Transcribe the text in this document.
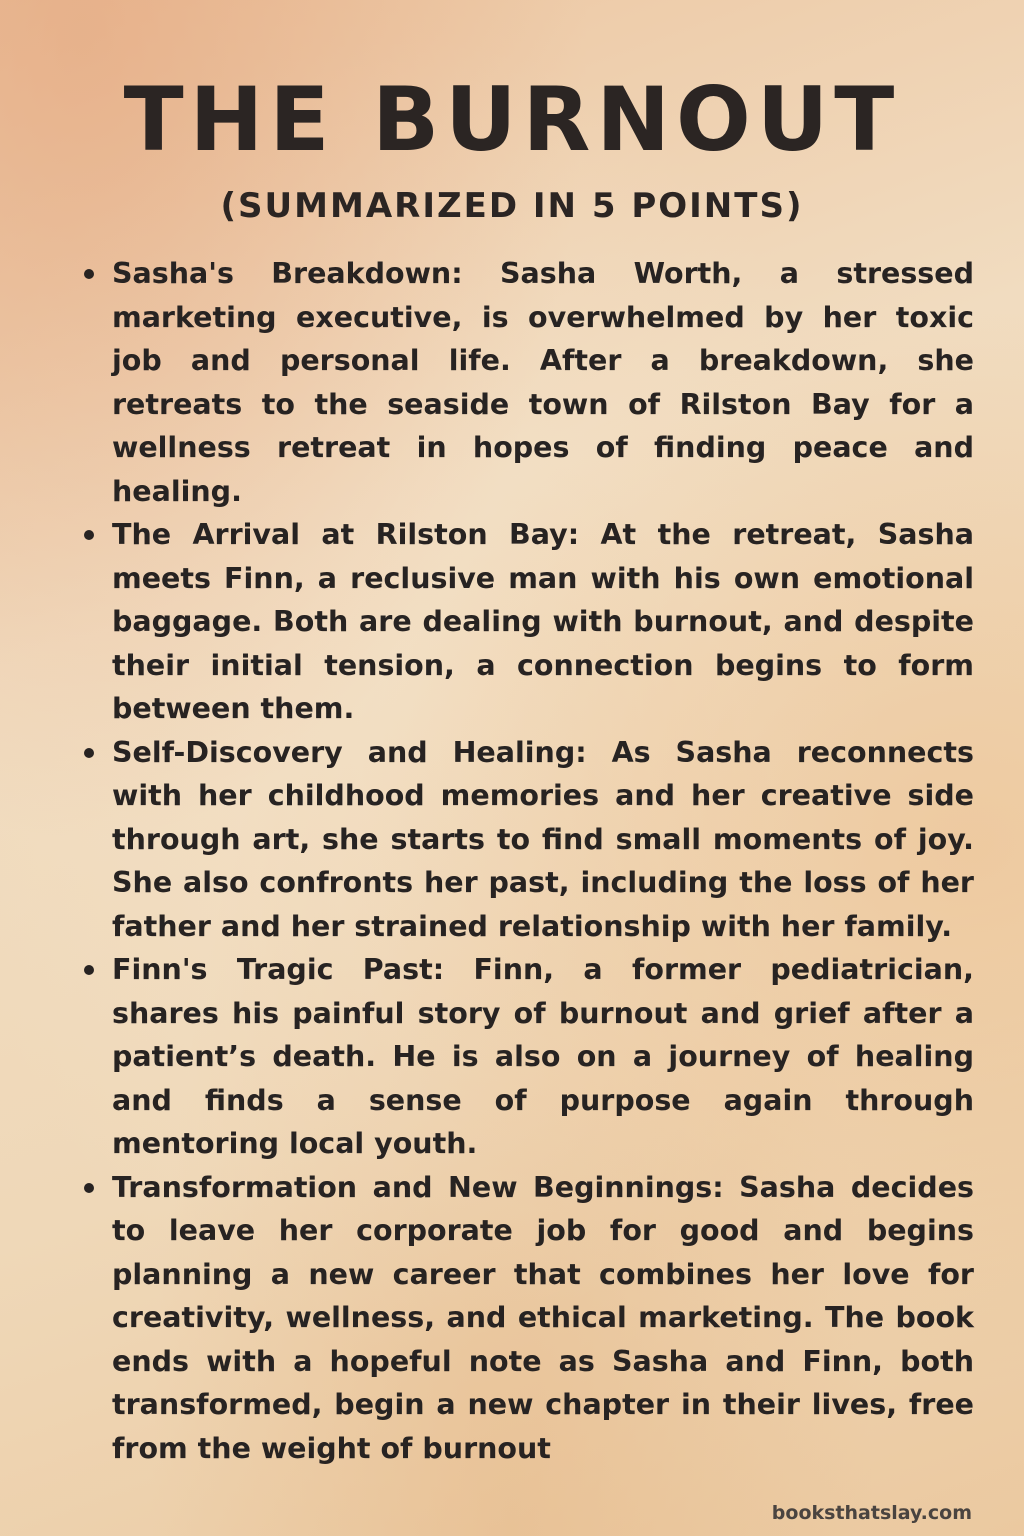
THE BURNOUT
(SUMMARIZED IN 5 POINTS)
Sasha's Breakdown: Sasha Worth, a stressed marketing executive, is overwhelmed by her toxic job and personal life. After a breakdown, she retreats to the seaside town of Rilston Bay for a wellness retreat in hopes of finding peace and healing.
The Arrival at Rilston Bay: At the retreat, Sasha meets Finn, a reclusive man with his own emotional baggage. Both are dealing with burnout, and despite their initial tension, a connection begins to form between them.
Self-Discovery and Healing: As Sasha reconnects with her childhood memories and her creative side through art, she starts to find small moments of joy. She also confronts her past, including the loss of her father and her strained relationship with her family.
Finn's Tragic Past: Finn, a former pediatrician, shares his painful story of burnout and grief after a patient’s death. He is also on a journey of healing and finds a sense of purpose again through mentoring local youth.
Transformation and New Beginnings: Sasha decides to leave her corporate job for good and begins planning a new career that combines her love for creativity, wellness, and ethical marketing. The book ends with a hopeful note as Sasha and Finn, both transformed, begin a new chapter in their lives, free from the weight of burnout
booksthatslay.com
